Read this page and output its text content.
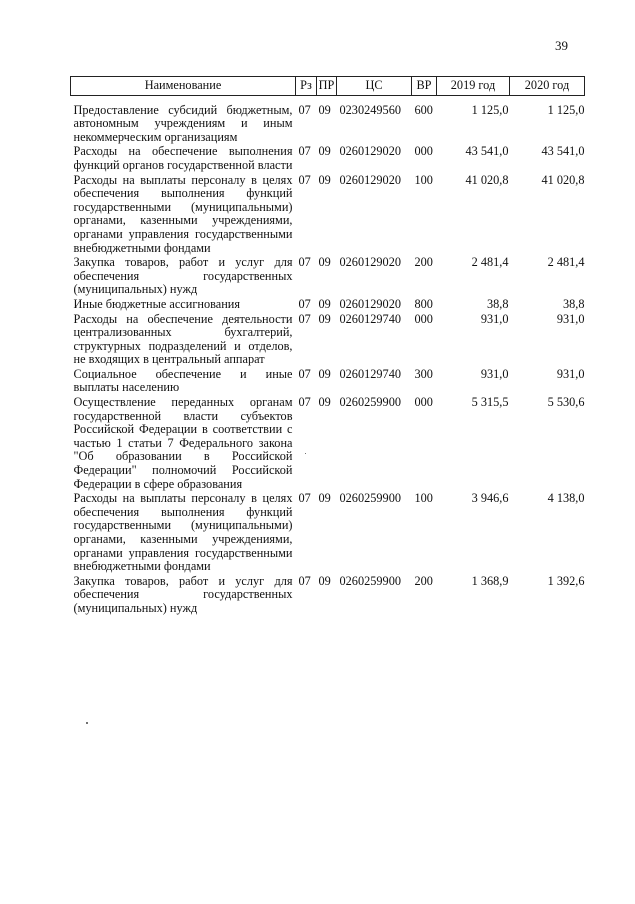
39
Наименование	Рз	ПР	ЦС	ВР	2019 год	2020 год
Предоставление субсидий бюджетным, автономным учреждениям и иным некоммерческим организациям	07	09	0230249560	600	1 125,0	1 125,0
Расходы на обеспечение выполнения функций органов государственной власти	07	09	0260129020	000	43 541,0	43 541,0
Расходы на выплаты персоналу в целях обеспечения выполнения функций государственными (муниципальными) органами, казенными учреждениями, органами управления государственными внебюджетными фондами	07	09	0260129020	100	41 020,8	41 020,8
Закупка товаров, работ и услуг для обеспечения государственных (муниципальных) нужд	07	09	0260129020	200	2 481,4	2 481,4
Иные бюджетные ассигнования	07	09	0260129020	800	38,8	38,8
Расходы на обеспечение деятельности централизованных бухгалтерий, структурных подразделений и отделов, не входящих в центральный аппарат	07	09	0260129740	000	931,0	931,0
Социальное обеспечение и иные выплаты населению	07	09	0260129740	300	931,0	931,0
Осуществление переданных органам государственной власти субъектов Российской Федерации в соответствии с частью 1 статьи 7 Федерального закона "Об образовании в Российской Федерации" полномочий Российской Федерации в сфере образования	07	09	0260259900	000	5 315,5	5 530,6
Расходы на выплаты персоналу в целях обеспечения выполнения функций государственными (муниципальными) органами, казенными учреждениями, органами управления государственными внебюджетными фондами	07	09	0260259900	100	3 946,6	4 138,0
Закупка товаров, работ и услуг для обеспечения государственных (муниципальных) нужд	07	09	0260259900	200	1 368,9	1 392,6
